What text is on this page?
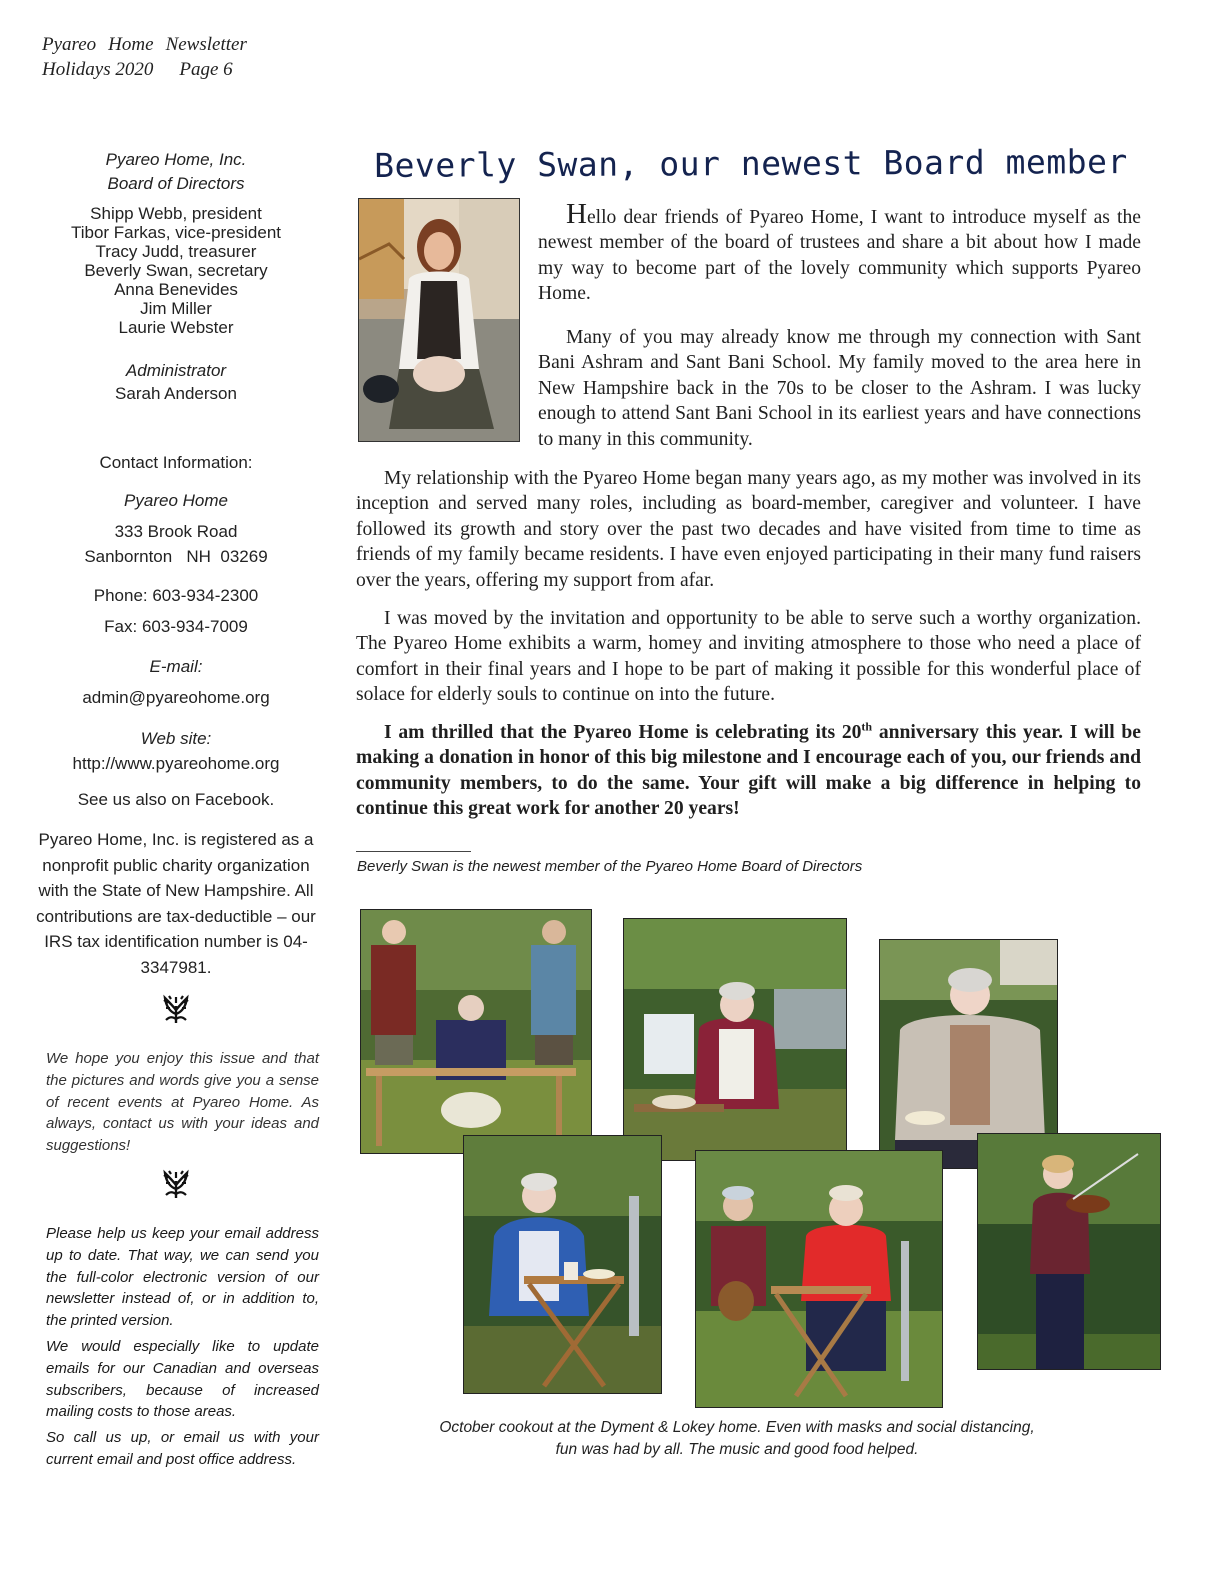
Pyareo Home Newsletter
Holidays 2020 Page 6
Pyareo Home, Inc.
Board of Directors
Shipp Webb, president
Tibor Farkas, vice-president
Tracy Judd, treasurer
Beverly Swan, secretary
Anna Benevides
Jim Miller
Laurie Webster
Administrator
Sarah Anderson
Contact Information:
Pyareo Home
333 Brook Road
Sanbornton   NH  03269
Phone: 603-934-2300
Fax: 603-934-7009
E-mail:
admin@pyareohome.org
Web site:
http://www.pyareohome.org
See us also on Facebook.
Pyareo Home, Inc. is registered as a nonprofit public charity organization with the State of New Hampshire. All contributions are tax-deductible – our IRS tax identification number is 04-3347981.
We hope you enjoy this issue and that the pictures and words give you a sense of recent events at Pyareo Home. As always, contact us with your ideas and suggestions!
Please help us keep your email address up to date. That way, we can send you the full-color electronic version of our newsletter instead of, or in addition to, the printed version.
We would especially like to update emails for our Canadian and overseas subscribers, because of increased mailing costs to those areas.
So call us up, or email us with your current email and post office address.
Beverly Swan, our newest Board member
Hello dear friends of Pyareo Home, I want to introduce myself as the newest member of the board of trustees and share a bit about how I made my way to become part of the lovely community which supports Pyareo Home.
Many of you may already know me through my connection with Sant Bani Ashram and Sant Bani School. My family moved to the area here in New Hampshire back in the 70s to be closer to the Ashram. I was lucky enough to attend Sant Bani School in its earliest years and have connections to many in this community.
My relationship with the Pyareo Home began many years ago, as my mother was involved in its inception and served many roles, including as board-member, caregiver and volunteer. I have followed its growth and story over the past two decades and have visited from time to time as friends of my family became residents. I have even enjoyed participating in their many fund raisers over the years, offering my support from afar.
I was moved by the invitation and opportunity to be able to serve such a worthy organization. The Pyareo Home exhibits a warm, homey and inviting atmosphere to those who need a place of comfort in their final years and I hope to be part of making it possible for this wonderful place of solace for elderly souls to continue on into the future.
I am thrilled that the Pyareo Home is celebrating its 20th anniversary this year. I will be making a donation in honor of this big milestone and I encourage each of you, our friends and community members, to do the same. Your gift will make a big difference in helping to continue this great work for another 20 years!
Beverly Swan is the newest member of the Pyareo Home Board of Directors
October cookout at the Dyment & Lokey home. Even with masks and social distancing,
fun was had by all. The music and good food helped.
